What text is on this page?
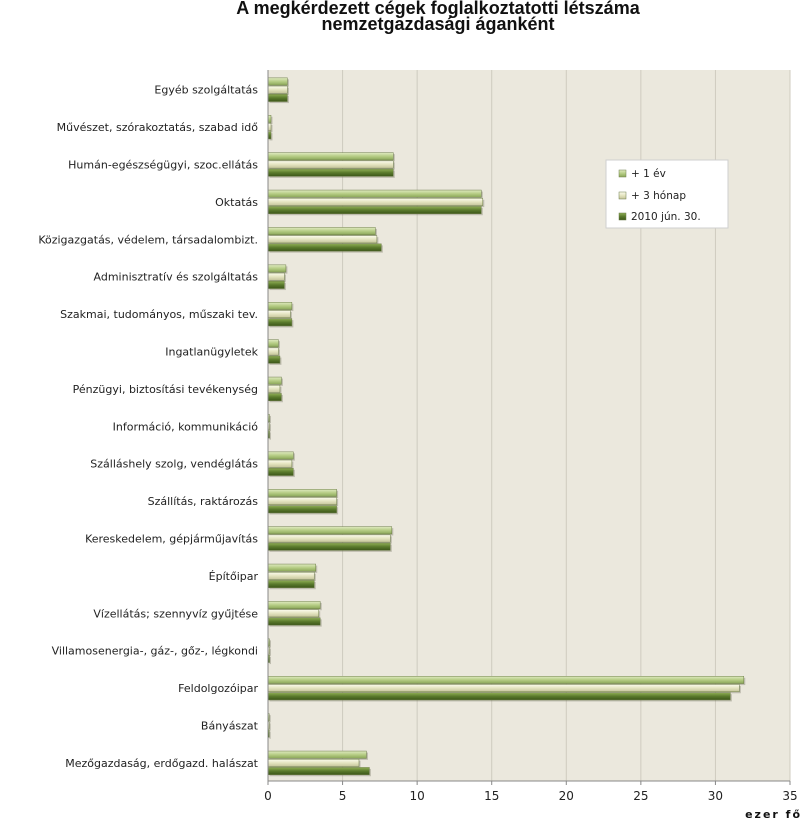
A megkérdezett cégek foglalkoztatotti létszáma
nemzetgazdasági áganként
Egyéb szolgáltatás
Művészet, szórakoztatás, szabad idő
Humán-egészségügyi, szoc.ellátás
Oktatás
Közigazgatás, védelem, társadalombizt.
Adminisztratív és szolgáltatás
Szakmai, tudományos, műszaki tev.
Ingatlanügyletek
Pénzügyi, biztosítási tevékenység
Információ, kommunikáció
Szálláshely szolg, vendéglátás
Szállítás, raktározás
Kereskedelem, gépjárműjavítás
Építőipar
Vízellátás; szennyvíz gyűjtése
Villamosenergia-, gáz-, gőz-, légkondi
Feldolgozóipar
Bányászat
Mezőgazdaság, erdőgazd. halászat
0	5	10	15	20	25	30	35
ezer fő
+ 1 év
+ 3 hónap
2010 jún. 30.
